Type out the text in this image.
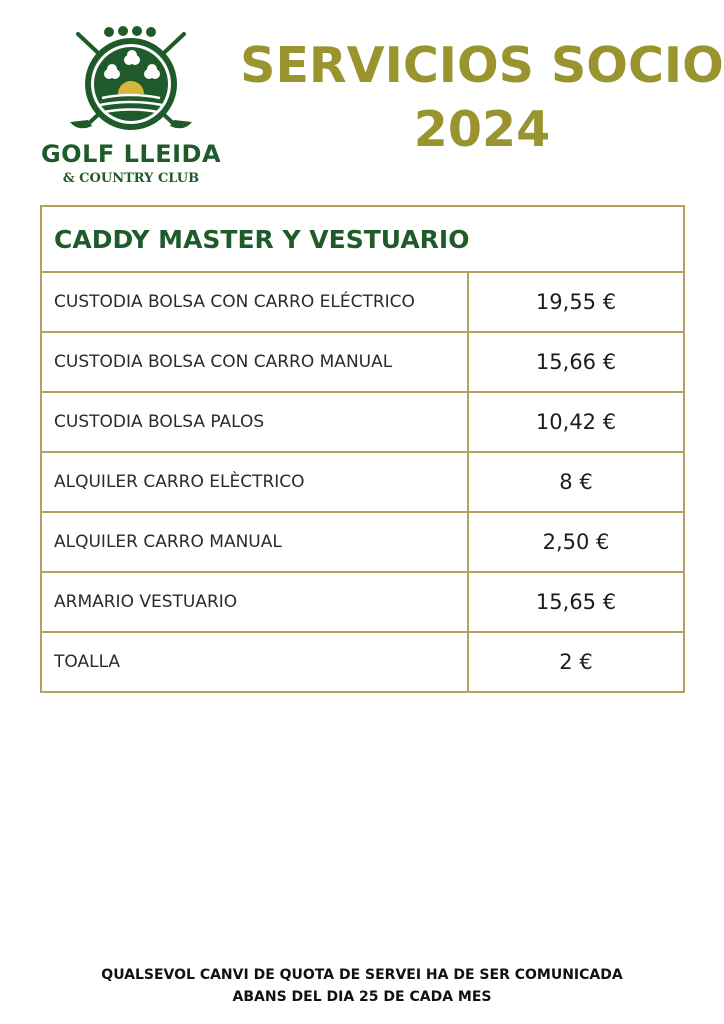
GOLF LLEIDA
& COUNTRY CLUB
SERVICIOS SOCIO
2024
CADDY MASTER Y VESTUARIO	
CUSTODIA BOLSA CON CARRO ELÉCTRICO	19,55 €
CUSTODIA BOLSA CON CARRO MANUAL	15,66 €
CUSTODIA BOLSA PALOS	10,42 €
ALQUILER CARRO ELÈCTRICO	8 €
ALQUILER CARRO MANUAL	2,50 €
ARMARIO VESTUARIO	15,65 €
TOALLA	2 €
QUALSEVOL CANVI DE QUOTA DE SERVEI HA DE SER COMUNICADA
ABANS DEL DIA 25 DE CADA MES
